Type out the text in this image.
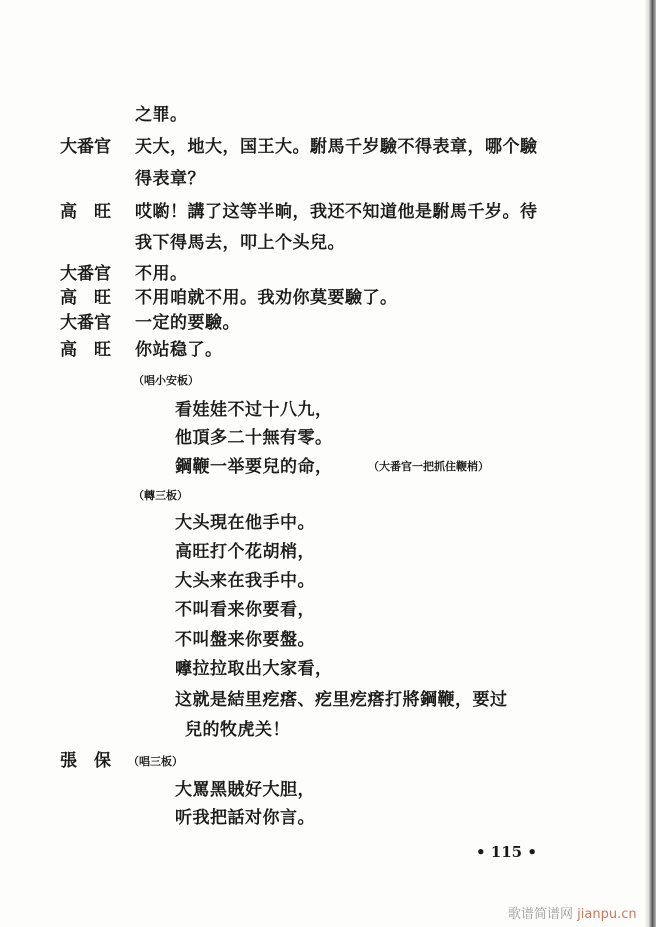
之罪。
大番官 天大，地大，国王大。駙馬千岁驗不得表章，哪个驗
得表章？
高　旺 哎喲！講了这等半晌，我还不知道他是駙馬千岁。待
我下得馬去，叩上个头兒。
大番官 不用。
高　旺 不用咱就不用。我劝你莫要驗了。
大番官 一定的要驗。
高　旺 你站稳了。
（唱小安板）
看娃娃不过十八九，
他頂多二十無有零。
鋼鞭一举要兒的命，	（大番官一把抓住鞭梢）
（轉三板）
大头現在他手中。
高旺打个花胡梢，
大头来在我手中。
不叫看来你要看，
不叫盤来你要盤。
嚤拉拉取出大家看，
这就是結里疙瘩、疙里疙瘩打將鋼鞭，要过
兒的牧虎关！
張　保 （唱三板）
大罵黑賊好大胆，
听我把話对你言。
• 115 •
歌谱简谱网 jianpu.cn
